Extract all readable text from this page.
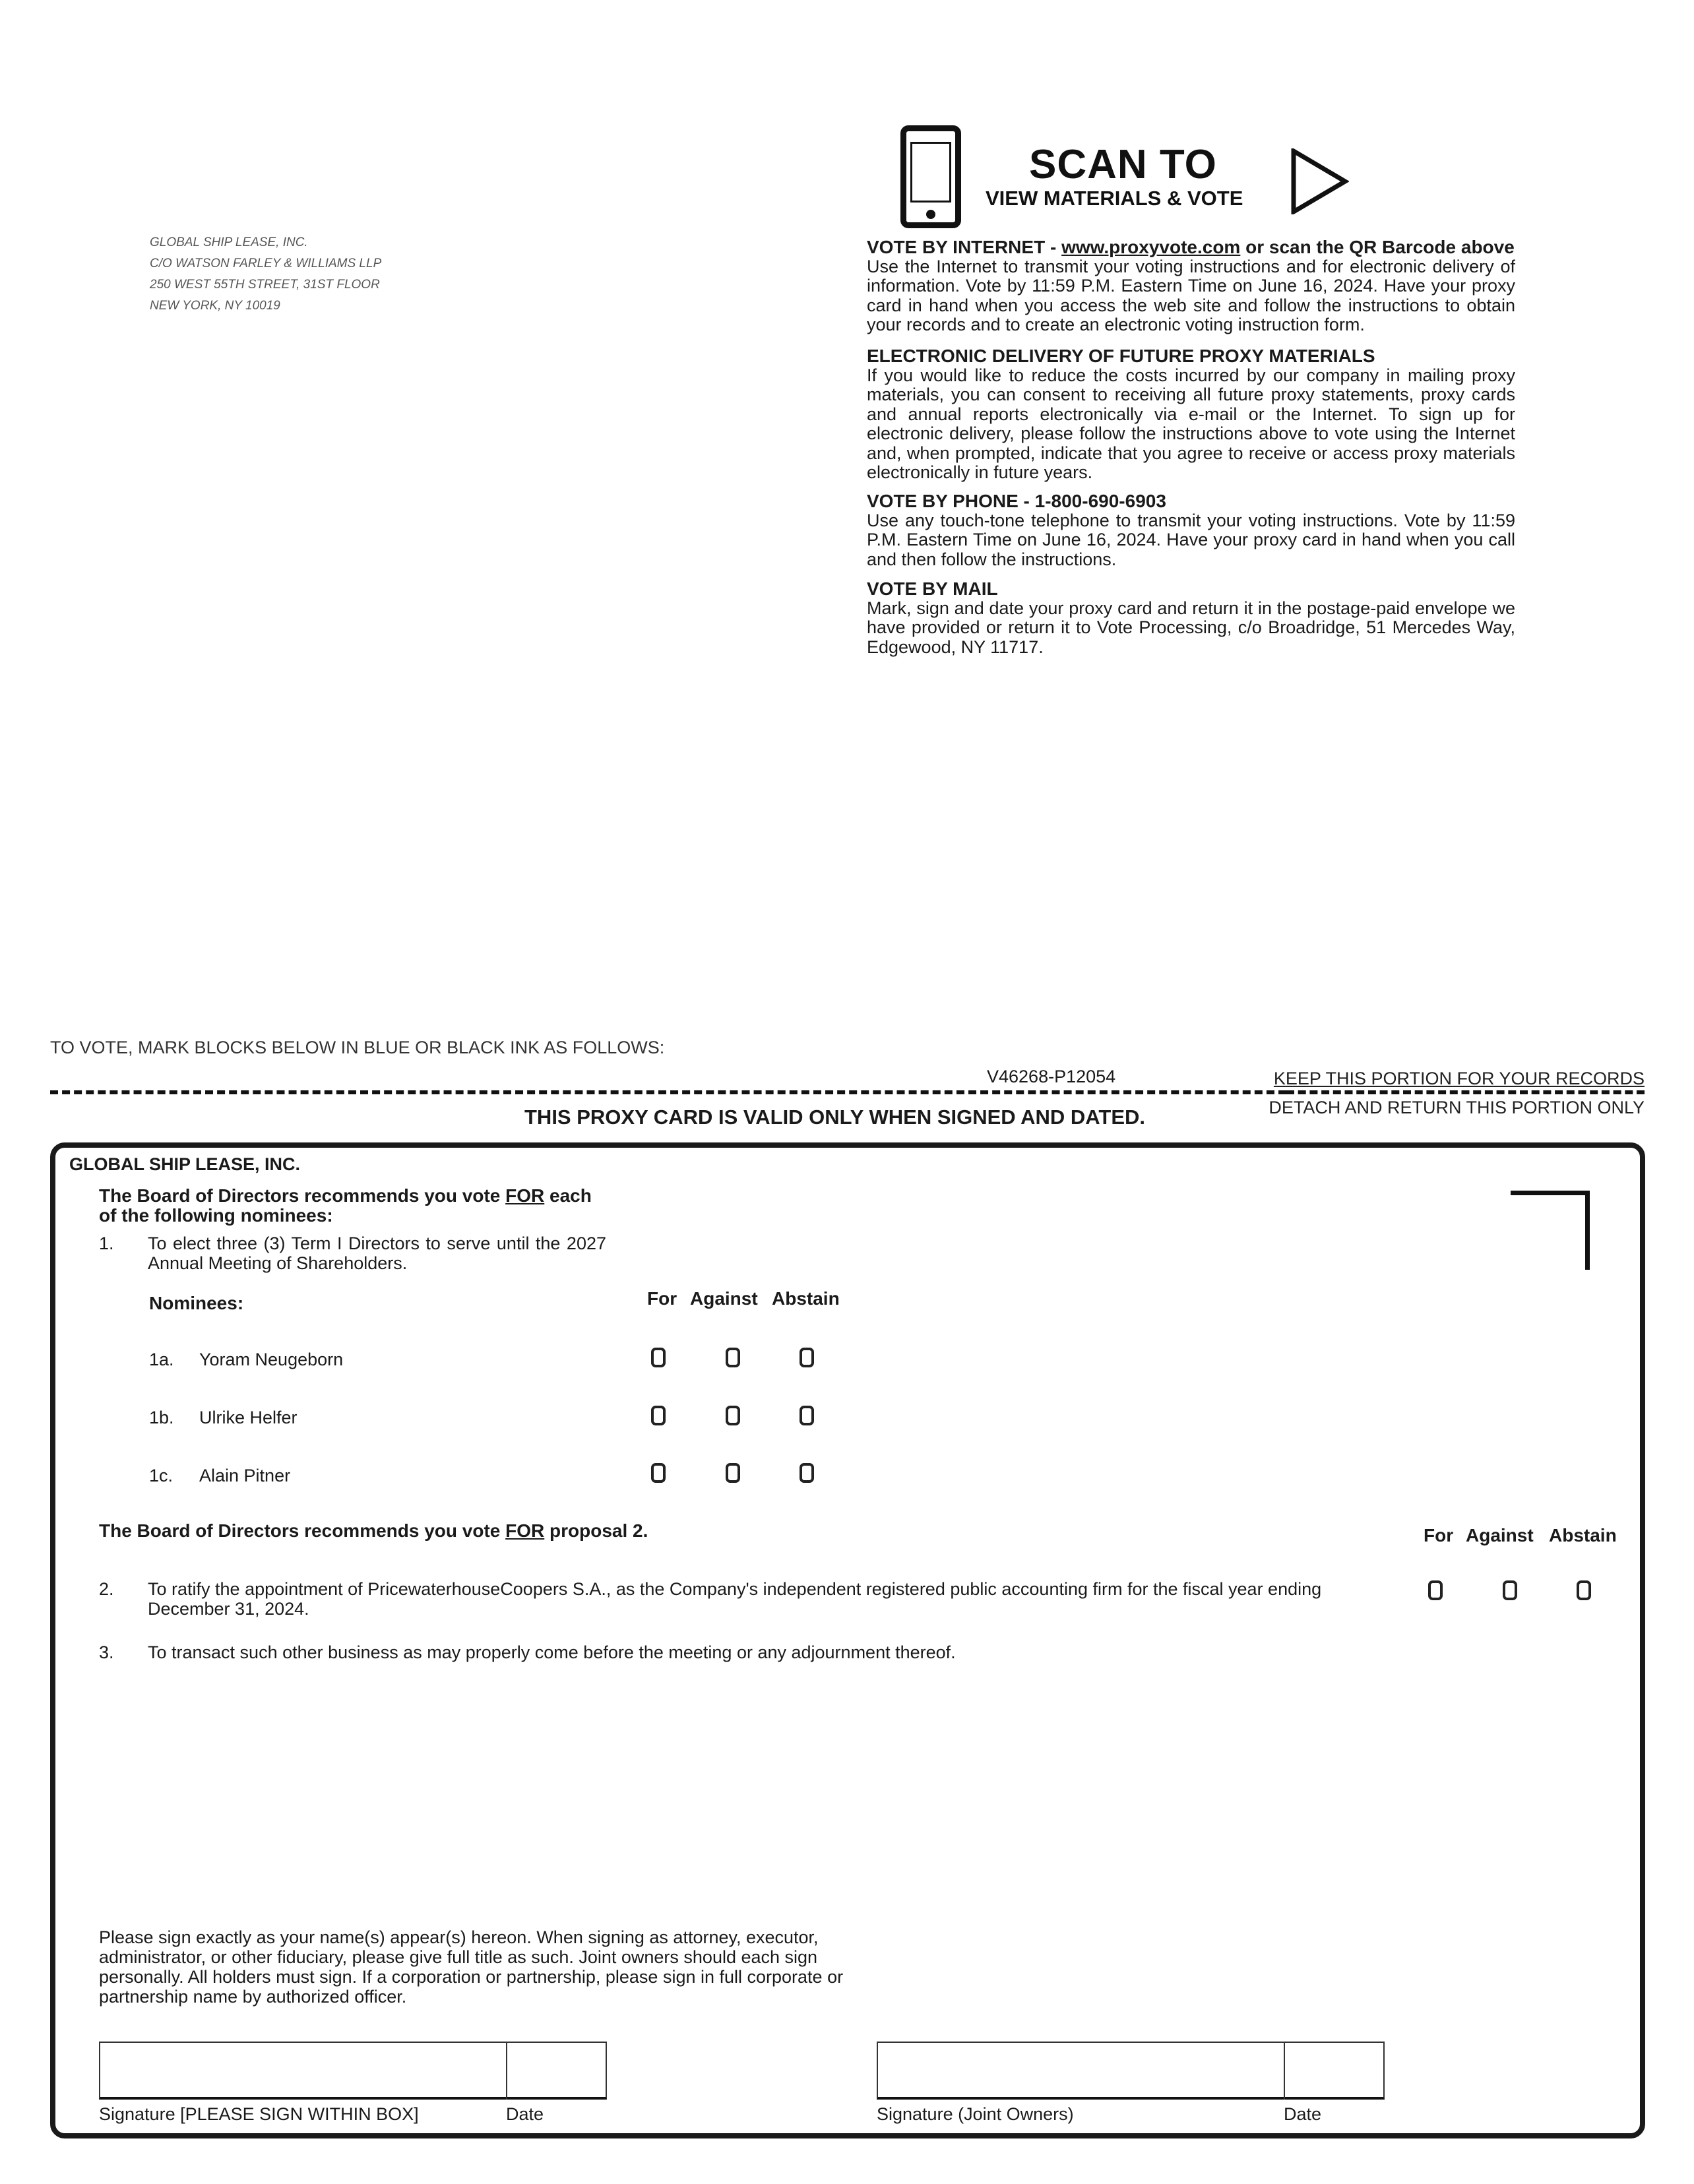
GLOBAL SHIP LEASE, INC.
C/O WATSON FARLEY & WILLIAMS LLP
250 WEST 55TH STREET, 31ST FLOOR
NEW YORK, NY 10019
SCAN TO
VIEW MATERIALS & VOTE
VOTE BY INTERNET - www.proxyvote.com or scan the QR Barcode above
Use the Internet to transmit your voting instructions and for electronic delivery of information. Vote by 11:59 P.M. Eastern Time on June 16, 2024. Have your proxy card in hand when you access the web site and follow the instructions to obtain your records and to create an electronic voting instruction form.
ELECTRONIC DELIVERY OF FUTURE PROXY MATERIALS
If you would like to reduce the costs incurred by our company in mailing proxy materials, you can consent to receiving all future proxy statements, proxy cards and annual reports electronically via e-mail or the Internet. To sign up for electronic delivery, please follow the instructions above to vote using the Internet and, when prompted, indicate that you agree to receive or access proxy materials electronically in future years.
VOTE BY PHONE - 1-800-690-6903
Use any touch-tone telephone to transmit your voting instructions. Vote by 11:59 P.M. Eastern Time on June 16, 2024. Have your proxy card in hand when you call and then follow the instructions.
VOTE BY MAIL
Mark, sign and date your proxy card and return it in the postage-paid envelope we have provided or return it to Vote Processing, c/o Broadridge, 51 Mercedes Way, Edgewood, NY 11717.
TO VOTE, MARK BLOCKS BELOW IN BLUE OR BLACK INK AS FOLLOWS:
V46268-P12054	KEEP THIS PORTION FOR YOUR RECORDS
DETACH AND RETURN THIS PORTION ONLY
THIS PROXY CARD IS VALID ONLY WHEN SIGNED AND DATED.
GLOBAL SHIP LEASE, INC.
The Board of Directors recommends you vote FOR each
of the following nominees:
1. To elect three (3) Term I Directors to serve until the 2027 Annual Meeting of Shareholders.
Nominees:	For Against Abstain
1a. Yoram Neugeborn
1b. Ulrike Helfer
1c. Alain Pitner
The Board of Directors recommends you vote FOR proposal 2.	For Against Abstain
2. To ratify the appointment of PricewaterhouseCoopers S.A., as the Company's independent registered public accounting firm for the fiscal year ending December 31, 2024.
3. To transact such other business as may properly come before the meeting or any adjournment thereof.
Please sign exactly as your name(s) appear(s) hereon. When signing as attorney, executor, administrator, or other fiduciary, please give full title as such. Joint owners should each sign personally. All holders must sign. If a corporation or partnership, please sign in full corporate or partnership name by authorized officer.
Signature [PLEASE SIGN WITHIN BOX]	Date	Signature (Joint Owners)	Date
